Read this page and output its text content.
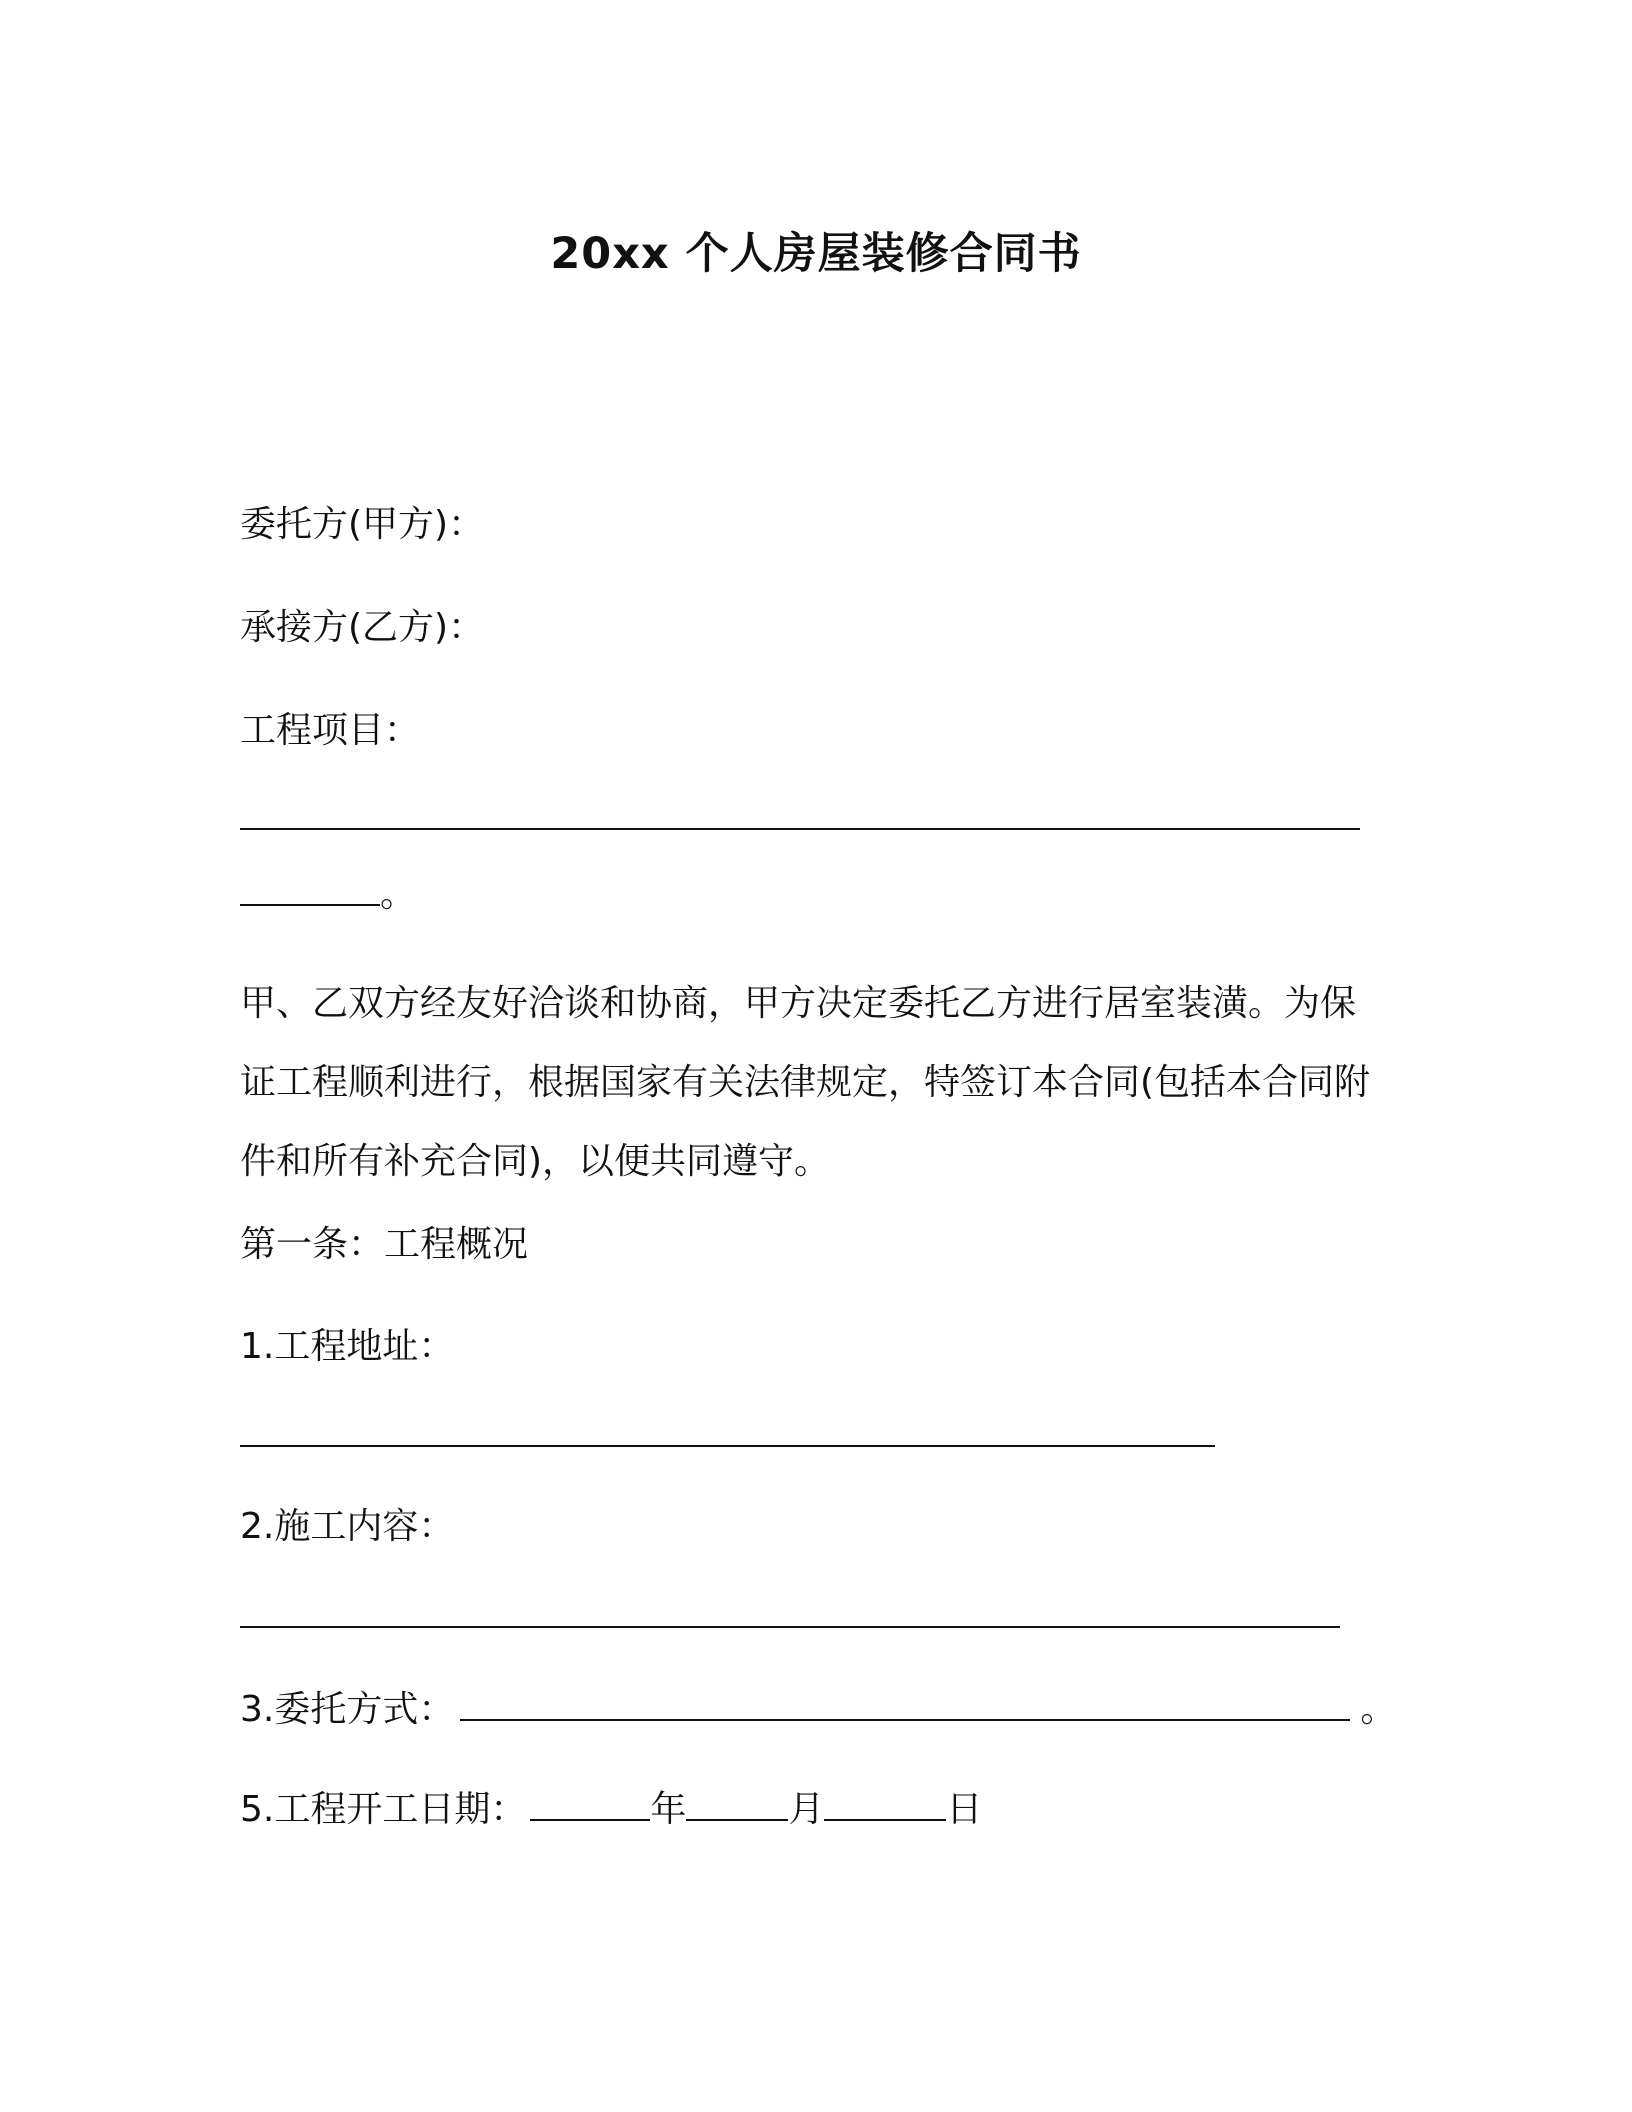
20xx 个人房屋装修合同书
委托方(甲方)：
承接方(乙方)：
工程项目：
。
甲、乙双方经友好洽谈和协商，甲方决定委托乙方进行居室装潢。为保证工程顺利进行，根据国家有关法律规定，特签订本合同(包括本合同附件和所有补充合同)，以便共同遵守。
第一条：工程概况
1.工程地址：
2.施工内容：
3.委托方式：	。
5.工程开工日期：	年	月	日
